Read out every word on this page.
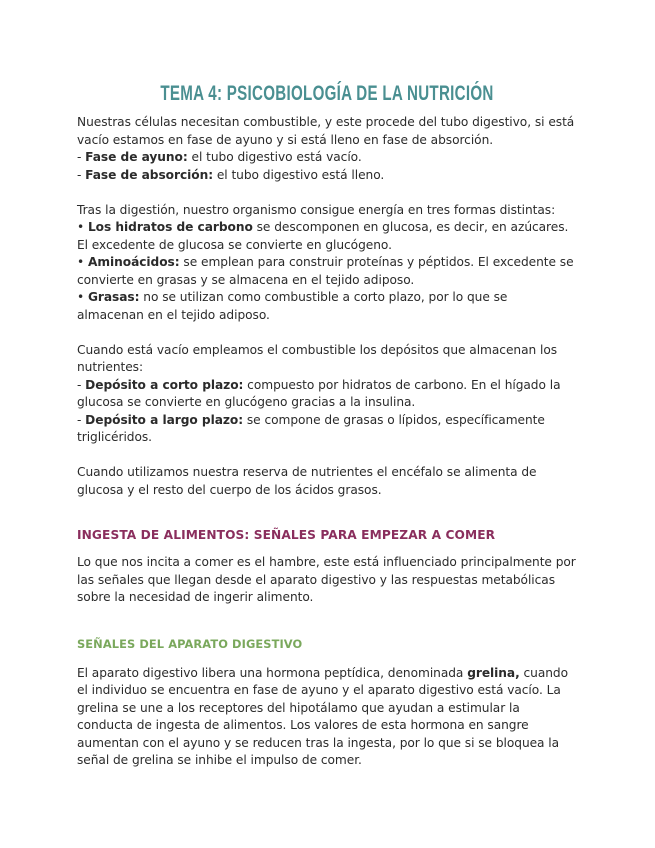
TEMA 4: PSICOBIOLOGÍA DE LA NUTRICIÓN

Nuestras células necesitan combustible, y este procede del tubo digestivo, si está vacío estamos en fase de ayuno y si está lleno en fase de absorción.

- Fase de ayuno: el tubo digestivo está vacío.

- Fase de absorción: el tubo digestivo está lleno.

Tras la digestión, nuestro organismo consigue energía en tres formas distintas:

• Los hidratos de carbono se descomponen en glucosa, es decir, en azúcares. El excedente de glucosa se convierte en glucógeno.

• Aminoácidos: se emplean para construir proteínas y péptidos. El excedente se convierte en grasas y se almacena en el tejido adiposo.

• Grasas: no se utilizan como combustible a corto plazo, por lo que se almacenan en el tejido adiposo.

Cuando está vacío empleamos el combustible los depósitos que almacenan los nutrientes:

- Depósito a corto plazo: compuesto por hidratos de carbono. En el hígado la glucosa se convierte en glucógeno gracias a la insulina.

- Depósito a largo plazo: se compone de grasas o lípidos, específicamente triglicéridos.

Cuando utilizamos nuestra reserva de nutrientes el encéfalo se alimenta de glucosa y el resto del cuerpo de los ácidos grasos.

INGESTA DE ALIMENTOS: SEÑALES PARA EMPEZAR A COMER

Lo que nos incita a comer es el hambre, este está influenciado principalmente por las señales que llegan desde el aparato digestivo y las respuestas metabólicas sobre la necesidad de ingerir alimento.

SEÑALES DEL APARATO DIGESTIVO

El aparato digestivo libera una hormona peptídica, denominada grelina, cuando el individuo se encuentra en fase de ayuno y el aparato digestivo está vacío. La grelina se une a los receptores del hipotálamo que ayudan a estimular la conducta de ingesta de alimentos. Los valores de esta hormona en sangre aumentan con el ayuno y se reducen tras la ingesta, por lo que si se bloquea la señal de grelina se inhibe el impulso de comer.
